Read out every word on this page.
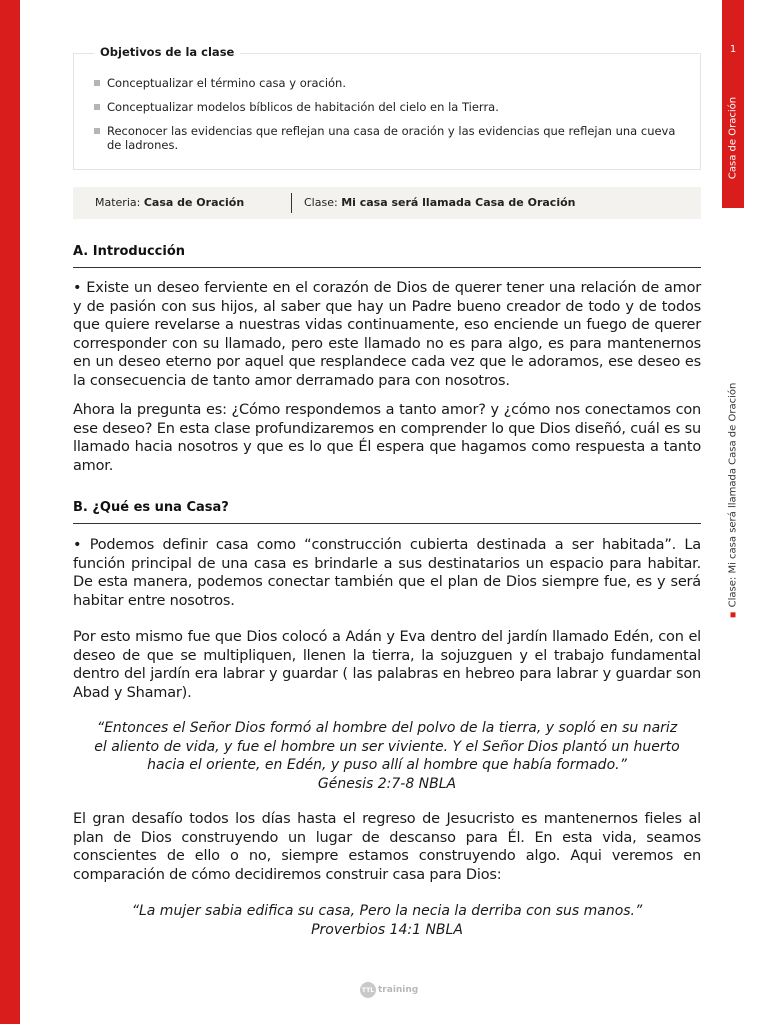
1
Casa de Oración
Clase: Mi casa será llamada Casa de Oración
Objetivos de la clase
Conceptualizar el término casa y oración.
Conceptualizar modelos bíblicos de habitación del cielo en la Tierra.
Reconocer las evidencias que reflejan una casa de oración y las evidencias que reflejan una cueva de ladrones.
Materia: Casa de Oración	Clase: Mi casa será llamada Casa de Oración
A. Introducción
• Existe un deseo ferviente en el corazón de Dios de querer tener una relación de amor y de pasión con sus hijos, al saber que hay un Padre bueno creador de todo y de todos que quiere revelarse a nuestras vidas continuamente, eso enciende un fuego de querer corresponder con su llamado, pero este llamado no es para algo, es para mantenernos en un deseo eterno por aquel que resplandece cada vez que le adoramos, ese deseo es la consecuencia de tanto amor derramado para con nosotros.
Ahora la pregunta es: ¿Cómo respondemos a tanto amor? y ¿cómo nos conectamos con ese deseo? En esta clase profundizaremos en comprender lo que Dios diseñó, cuál es su llamado hacia nosotros y que es lo que Él espera que hagamos como respuesta a tanto amor.
B. ¿Qué es una Casa?
• Podemos definir casa como “construcción cubierta destinada a ser habitada”. La función principal de una casa es brindarle a sus destinatarios un espacio para habitar. De esta manera, podemos conectar también que el plan de Dios siempre fue, es y será habitar entre nosotros.
Por esto mismo fue que Dios colocó a Adán y Eva dentro del jardín llamado Edén, con el deseo de que se multipliquen, llenen la tierra, la sojuzguen y el trabajo fundamental dentro del jardín era labrar y guardar ( las palabras en hebreo para labrar y guardar son Abad y Shamar).
“Entonces el Señor Dios formó al hombre del polvo de la tierra, y sopló en su nariz
el aliento de vida, y fue el hombre un ser viviente. Y el Señor Dios plantó un huerto
hacia el oriente, en Edén, y puso allí al hombre que había formado.”
Génesis 2:7-8 NBLA
El gran desafío todos los días hasta el regreso de Jesucristo es mantenernos fieles al plan de Dios construyendo un lugar de descanso para Él. En esta vida, seamos conscientes de ello o no, siempre estamos construyendo algo. Aqui veremos en comparación de cómo decidiremos construir casa para Dios:
“La mujer sabia edifica su casa, Pero la necia la derriba con sus manos.”
Proverbios 14:1 NBLA
TTL training
